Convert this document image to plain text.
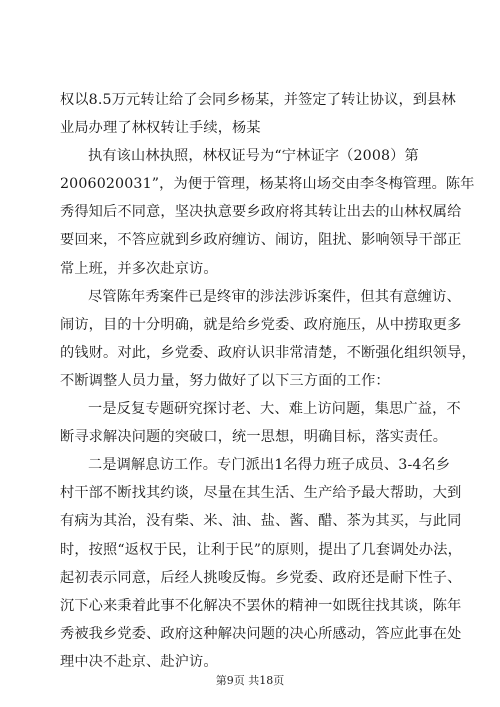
权以8.5万元转让给了会同乡杨某，并签定了转让协议，到县林
业局办理了林权转让手续，杨某
执有该山林执照，林权证号为“宁林证字（2008）第
2006020031”，为便于管理，杨某将山场交由李冬梅管理。陈年
秀得知后不同意，坚决执意要乡政府将其转让出去的山林权属给
要回来，不答应就到乡政府缠访、闹访，阻扰、影响领导干部正
常上班，并多次赴京访。
尽管陈年秀案件已是终审的涉法涉诉案件，但其有意缠访、
闹访，目的十分明确，就是给乡党委、政府施压，从中捞取更多
的钱财。对此，乡党委、政府认识非常清楚，不断强化组织领导，
不断调整人员力量，努力做好了以下三方面的工作：
一是反复专题研究探讨老、大、难上访问题，集思广益，不
断寻求解决问题的突破口，统一思想，明确目标，落实责任。
二是调解息访工作。专门派出1名得力班子成员、3-4名乡
村干部不断找其约谈，尽量在其生活、生产给予最大帮助，大到
有病为其治，没有柴、米、油、盐、酱、醋、茶为其买，与此同
时，按照“返权于民，让利于民”的原则，提出了几套调处办法，
起初表示同意，后经人挑唆反悔。乡党委、政府还是耐下性子、
沉下心来秉着此事不化解决不罢休的精神一如既往找其谈，陈年
秀被我乡党委、政府这种解决问题的决心所感动，答应此事在处
理中决不赴京、赴沪访。
第9页 共18页
